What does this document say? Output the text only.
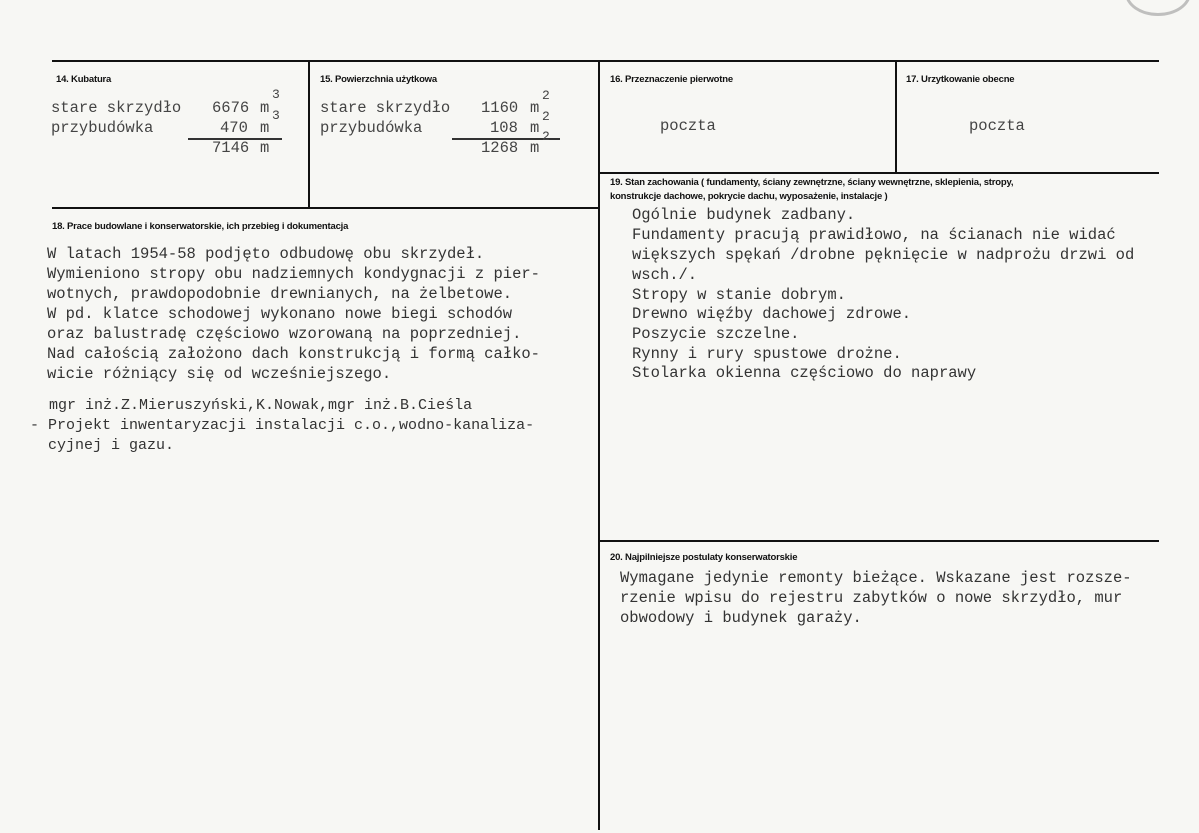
14. Kubatura
stare skrzydło 6676 m
3
przybudówka	470 m
3
7146 m
15. Powierzchnia użytkowa
stare skrzydło 1160 m
2
przybudówka	108 m
2
1268 m
2
16. Przeznaczenie pierwotne
poczta
17. Urzytkowanie obecne
poczta
19. Stan zachowania ( fundamenty, ściany zewnętrzne, ściany wewnętrzne, sklepienia, stropy,
konstrukcje dachowe, pokrycie dachu, wyposażenie, instalacje )
Ogólnie budynek zadbany.
Fundamenty pracują prawidłowo, na ścianach nie widać
większych spękań /drobne pęknięcie w nadprożu drzwi od
wsch./.
Stropy w stanie dobrym.
Drewno więźby dachowej zdrowe.
Poszycie szczelne.
Rynny i rury spustowe drożne.
Stolarka okienna częściowo do naprawy
18. Prace budowlane i konserwatorskie, ich przebieg i dokumentacja
W latach 1954-58 podjęto odbudowę obu skrzydeł.
Wymieniono stropy obu nadziemnych kondygnacji z pier-
wotnych, prawdopodobnie drewnianych, na żelbetowe.
W pd. klatce schodowej wykonano nowe biegi schodów
oraz balustradę częściowo wzorowaną na poprzedniej.
Nad całością założono dach konstrukcją i formą całko-
wicie różniący się od wcześniejszego.
mgr inż.Z.Mieruszyński,K.Nowak,mgr inż.B.Cieśla
- Projekt inwentaryzacji instalacji c.o.,wodno-kanaliza-
cyjnej i gazu.
20. Najpilniejsze postulaty konserwatorskie
Wymagane jedynie remonty bieżące. Wskazane jest rozsze-
rzenie wpisu do rejestru zabytków o nowe skrzydło, mur
obwodowy i budynek garaży.
